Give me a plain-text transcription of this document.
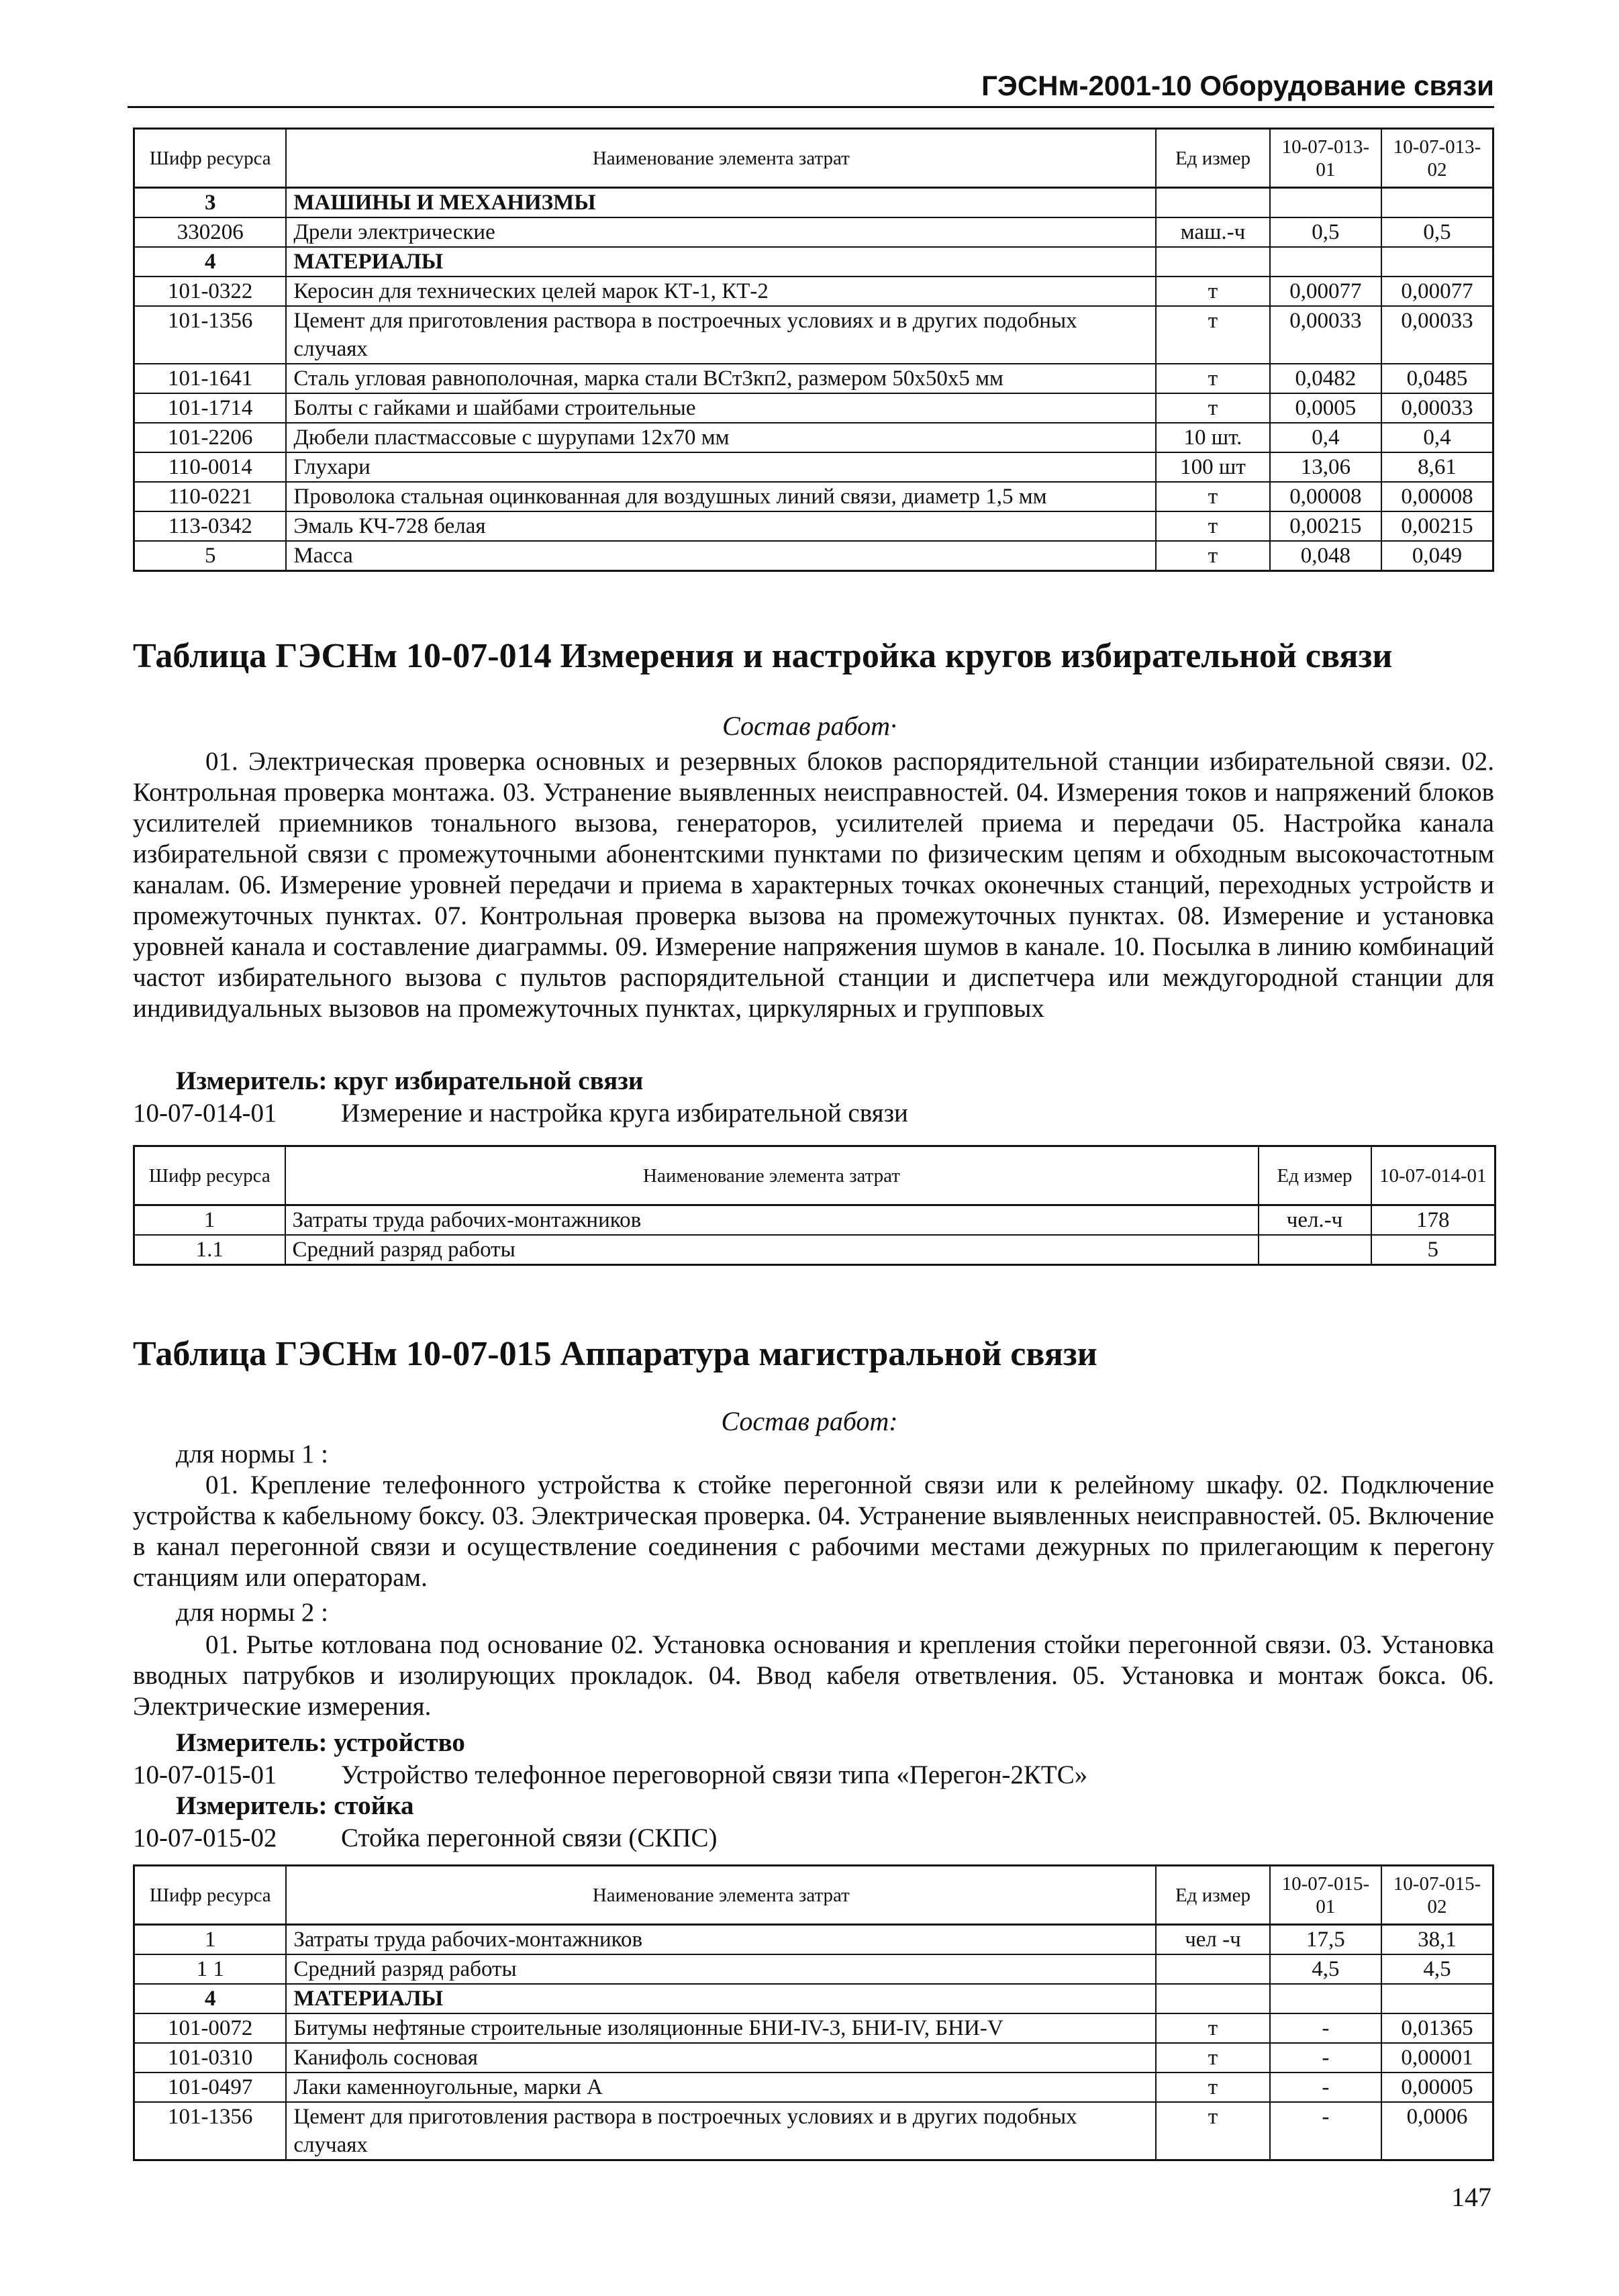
ГЭСНм-2001-10 Оборудование связи
Шифр ресурса	Наименование элемента затрат	Ед измер	10-07-013-01	10-07-013-02
3	МАШИНЫ И МЕХАНИЗМЫ			
330206	Дрели электрические	маш.-ч	0,5	0,5
4	МАТЕРИАЛЫ			
101-0322	Керосин для технических целей марок КТ-1, КТ-2	т	0,00077	0,00077
101-1356	Цемент для приготовления раствора в построечных условиях и в других подобных случаях	т	0,00033	0,00033
101-1641	Сталь угловая равнополочная, марка стали ВСт3кп2, размером 50х50х5 мм	т	0,0482	0,0485
101-1714	Болты с гайками и шайбами строительные	т	0,0005	0,00033
101-2206	Дюбели пластмассовые с шурупами 12х70 мм	10 шт.	0,4	0,4
110-0014	Глухари	100 шт	13,06	8,61
110-0221	Проволока стальная оцинкованная для воздушных линий связи, диаметр 1,5 мм	т	0,00008	0,00008
113-0342	Эмаль КЧ-728 белая	т	0,00215	0,00215
5	Масса	т	0,048	0,049
Таблица ГЭСНм 10-07-014 Измерения и настройка кругов избирательной связи
Состав работ·
01. Электрическая проверка основных и резервных блоков распорядительной станции избирательной связи. 02. Контрольная проверка монтажа. 03. Устранение выявленных неисправностей. 04. Измерения токов и напряжений блоков усилителей приемников тонального вызова, генераторов, усилителей приема и передачи 05. Настройка канала избирательной связи с промежуточными абонентскими пунктами по физическим цепям и обходным высокочастотным каналам. 06. Измерение уровней передачи и приема в характерных точках оконечных станций, переходных устройств и промежуточных пунктах. 07. Контрольная проверка вызова на промежуточных пунктах. 08. Измерение и установка уровней канала и составление диаграммы. 09. Измерение напряжения шумов в канале. 10. Посылка в линию комбинаций частот избирательного вызова с пультов распорядительной станции и диспетчера или междугородной станции для индивидуальных вызовов на промежуточных пунктах, циркулярных и групповых
Измеритель: круг избирательной связи
10-07-014-01 Измерение и настройка круга избирательной связи
Шифр ресурса	Наименование элемента затрат	Ед измер	10-07-014-01
1	Затраты труда рабочих-монтажников	чел.-ч	178
1.1	Средний разряд работы		5
Таблица ГЭСНм 10-07-015 Аппаратура магистральной связи
Состав работ:
для нормы 1 :
01. Крепление телефонного устройства к стойке перегонной связи или к релейному шкафу. 02. Подключение устройства к кабельному боксу. 03. Электрическая проверка. 04. Устранение выявленных неисправностей. 05. Включение в канал перегонной связи и осуществление соединения с рабочими местами дежурных по прилегающим к перегону станциям или операторам.
для нормы 2 :
01. Рытье котлована под основание 02. Установка основания и крепления стойки перегонной связи. 03. Установка вводных патрубков и изолирующих прокладок. 04. Ввод кабеля ответвления. 05. Установка и монтаж бокса. 06. Электрические измерения.
Измеритель: устройство
10-07-015-01 Устройство телефонное переговорной связи типа «Перегон-2КТС»
Измеритель: стойка
10-07-015-02 Стойка перегонной связи (СКПС)
Шифр ресурса	Наименование элемента затрат	Ед измер	10-07-015-01	10-07-015-02
1	Затраты труда рабочих-монтажников	чел -ч	17,5	38,1
1 1	Средний разряд работы		4,5	4,5
4	МАТЕРИАЛЫ			
101-0072	Битумы нефтяные строительные изоляционные БНИ-IV-3, БНИ-IV, БНИ-V	т	-	0,01365
101-0310	Канифоль сосновая	т	-	0,00001
101-0497	Лаки каменноугольные, марки А	т	-	0,00005
101-1356	Цемент для приготовления раствора в построечных условиях и в других подобных случаях	т	-	0,0006
147
